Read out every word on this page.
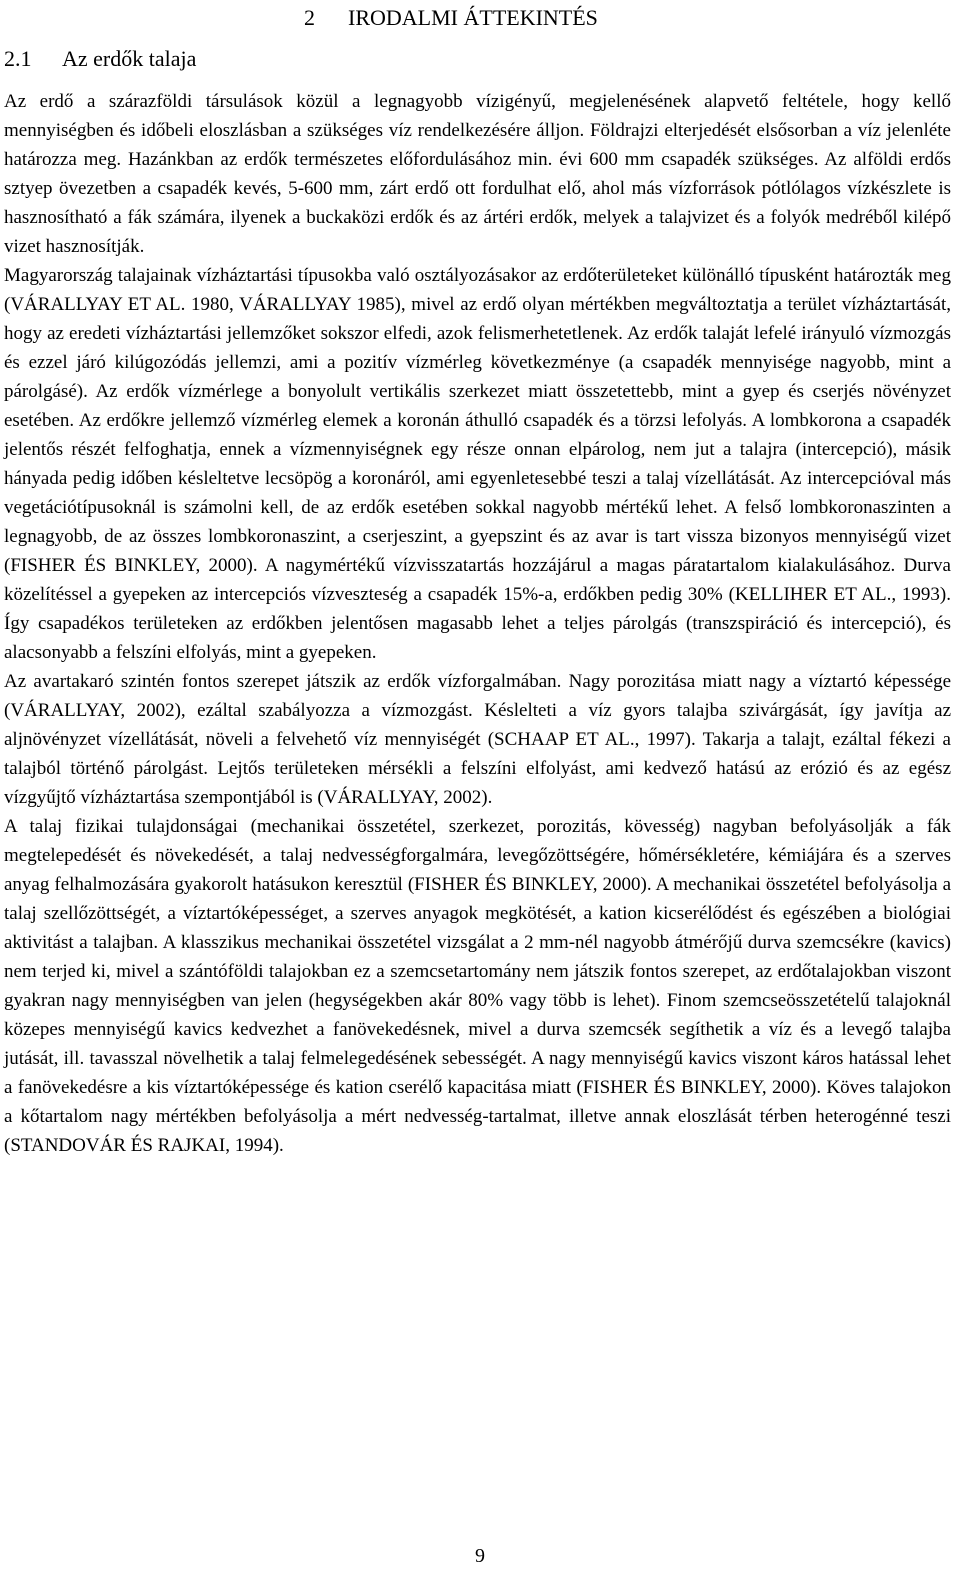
2 IRODALMI ÁTTEKINTÉS
2.1 Az erdők talaja

Az erdő a szárazföldi társulások közül a legnagyobb vízigényű, megjelenésének alapvető feltétele, hogy kellő mennyiségben és időbeli eloszlásban a szükséges víz rendelkezésére álljon. Földrajzi elterjedését elsősorban a víz jelenléte határozza meg. Hazánkban az erdők természetes előfordulásához min. évi 600 mm csapadék szükséges. Az alföldi erdős sztyep övezetben a csapadék kevés, 5-600 mm, zárt erdő ott fordulhat elő, ahol más vízforrások pótlólagos vízkészlete is hasznosítható a fák számára, ilyenek a buckaközi erdők és az ártéri erdők, melyek a talajvizet és a folyók medréből kilépő vizet hasznosítják.

Magyarország talajainak vízháztartási típusokba való osztályozásakor az erdőterületeket különálló típusként határozták meg (VÁRALLYAY ET AL. 1980, VÁRALLYAY 1985), mivel az erdő olyan mértékben megváltoztatja a terület vízháztartását, hogy az eredeti vízháztartási jellemzőket sokszor elfedi, azok felismerhetetlenek. Az erdők talaját lefelé irányuló vízmozgás és ezzel járó kilúgozódás jellemzi, ami a pozitív vízmérleg következménye (a csapadék mennyisége nagyobb, mint a párolgásé). Az erdők vízmérlege a bonyolult vertikális szerkezet miatt összetettebb, mint a gyep és cserjés növényzet esetében. Az erdőkre jellemző vízmérleg elemek a koronán áthulló csapadék és a törzsi lefolyás. A lombkorona a csapadék jelentős részét felfoghatja, ennek a vízmennyiségnek egy része onnan elpárolog, nem jut a talajra (intercepció), másik hányada pedig időben késleltetve lecsöpög a koronáról, ami egyenletesebbé teszi a talaj vízellátását. Az intercepcióval más vegetációtípusoknál is számolni kell, de az erdők esetében sokkal nagyobb mértékű lehet. A felső lombkoronaszinten a legnagyobb, de az összes lombkoronaszint, a cserjeszint, a gyepszint és az avar is tart vissza bizonyos mennyiségű vizet (FISHER ÉS BINKLEY, 2000). A nagymértékű vízvisszatartás hozzájárul a magas páratartalom kialakulásához. Durva közelítéssel a gyepeken az intercepciós vízveszteség a csapadék 15%-a, erdőkben pedig 30% (KELLIHER ET AL., 1993). Így csapadékos területeken az erdőkben jelentősen magasabb lehet a teljes párolgás (transzspiráció és intercepció), és alacsonyabb a felszíni elfolyás, mint a gyepeken.

Az avartakaró szintén fontos szerepet játszik az erdők vízforgalmában. Nagy porozitása miatt nagy a víztartó képessége (VÁRALLYAY, 2002), ezáltal szabályozza a vízmozgást. Késlelteti a víz gyors talajba szivárgását, így javítja az aljnövényzet vízellátását, növeli a felvehető víz mennyiségét (SCHAAP ET AL., 1997). Takarja a talajt, ezáltal fékezi a talajból történő párolgást. Lejtős területeken mérsékli a felszíni elfolyást, ami kedvező hatású az erózió és az egész vízgyűjtő vízháztartása szempontjából is (VÁRALLYAY, 2002).

A talaj fizikai tulajdonságai (mechanikai összetétel, szerkezet, porozitás, kövesség) nagyban befolyásolják a fák megtelepedését és növekedését, a talaj nedvességforgalmára, levegőzöttségére, hőmérsékletére, kémiájára és a szerves anyag felhalmozására gyakorolt hatásukon keresztül (FISHER ÉS BINKLEY, 2000). A mechanikai összetétel befolyásolja a talaj szellőzöttségét, a víztartóképességet, a szerves anyagok megkötését, a kation kicserélődést és egészében a biológiai aktivitást a talajban. A klasszikus mechanikai összetétel vizsgálat a 2 mm-nél nagyobb átmérőjű durva szemcsékre (kavics) nem terjed ki, mivel a szántóföldi talajokban ez a szemcsetartomány nem játszik fontos szerepet, az erdőtalajokban viszont gyakran nagy mennyiségben van jelen (hegységekben akár 80% vagy több is lehet). Finom szemcseösszetételű talajoknál közepes mennyiségű kavics kedvezhet a fanövekedésnek, mivel a durva szemcsék segíthetik a víz és a levegő talajba jutását, ill. tavasszal növelhetik a talaj felmelegedésének sebességét. A nagy mennyiségű kavics viszont káros hatással lehet a fanövekedésre a kis víztartóképessége és kation cserélő kapacitása miatt (FISHER ÉS BINKLEY, 2000). Köves talajokon a kőtartalom nagy mértékben befolyásolja a mért nedvesség-tartalmat, illetve annak eloszlását térben heterogénné teszi (STANDOVÁR ÉS RAJKAI, 1994).

9
